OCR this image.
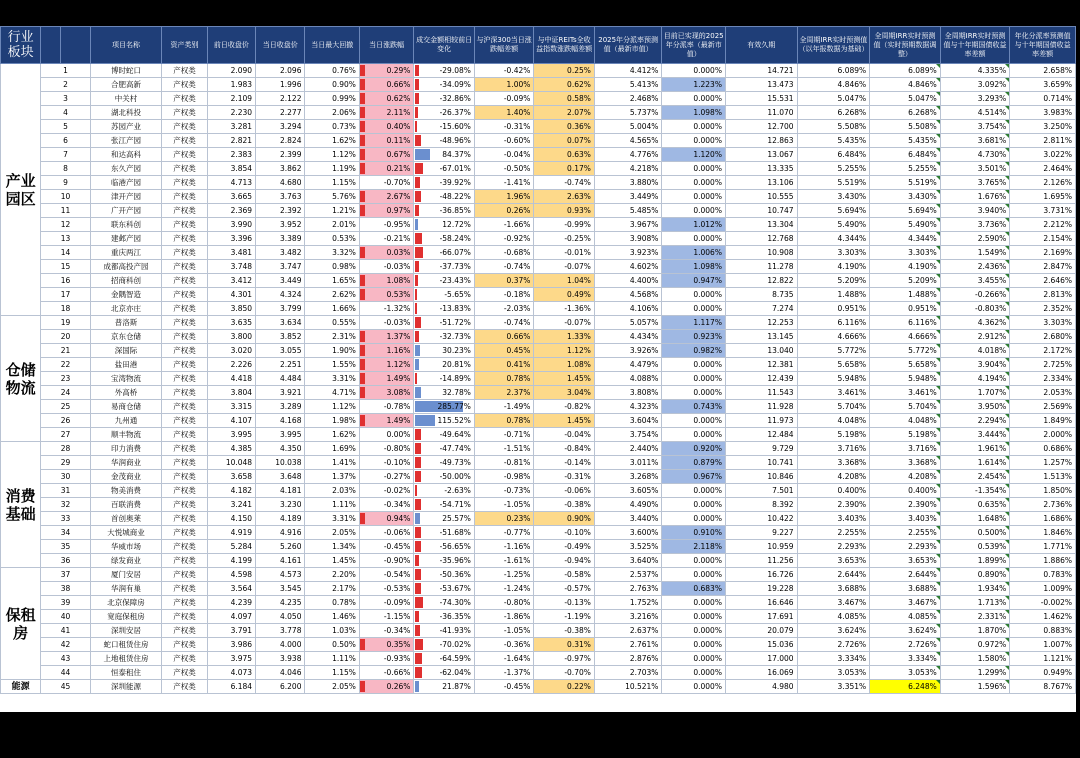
行业板块			项目名称	资产类别	前日收盘价	当日收盘价	当日最大回撤	当日涨跌幅	成交金额相较前日变化	与沪深300当日涨跌幅差额	与中证REITs全收益指数涨跌幅差额	2025年分派率预测值（最新市值）	目前已实现的2025年分派率（最新市值）	有效久期	全周期IRR实时预测值（以年报数据为基础）	全周期IRR实时预测值（实时预期数据调整）	全周期IRR实时预测值与十年期国债收益率差额	年化分派率预测值与十年期国债收益率差额
产业园区	1		博时蛇口	产权类	2.090	2.096	0.76%	0.29%	-29.08%	-0.42%	0.25%	4.412%	0.000%	14.721	6.089%	6.089%	4.335%	2.658%
	2		合肥高新	产权类	1.983	1.996	0.90%	0.66%	-34.09%	1.00%	0.62%	5.413%	1.223%	13.473	4.846%	4.846%	3.092%	3.659%
	3		中关村	产权类	2.109	2.122	0.99%	0.62%	-32.86%	-0.09%	0.58%	2.468%	0.000%	15.531	5.047%	5.047%	3.293%	0.714%
	4		湖北科投	产权类	2.230	2.277	2.06%	2.11%	-26.37%	1.40%	2.07%	5.737%	1.098%	11.070	6.268%	6.268%	4.514%	3.983%
	5		苏园产业	产权类	3.281	3.294	0.73%	0.40%	-15.60%	-0.31%	0.36%	5.004%	0.000%	12.700	5.508%	5.508%	3.754%	3.250%
	6		张江产园	产权类	2.821	2.824	1.62%	0.11%	-48.96%	-0.60%	0.07%	4.565%	0.000%	12.863	5.435%	5.435%	3.681%	2.811%
	7		和达高科	产权类	2.383	2.399	1.12%	0.67%	84.37%	-0.04%	0.63%	4.776%	1.120%	13.067	6.484%	6.484%	4.730%	3.022%
	8		东久产园	产权类	3.854	3.862	1.19%	0.21%	-67.01%	-0.50%	0.17%	4.218%	0.000%	13.335	5.255%	5.255%	3.501%	2.464%
	9		临港产园	产权类	4.713	4.680	1.15%	-0.70%	-39.92%	-1.41%	-0.74%	3.880%	0.000%	13.106	5.519%	5.519%	3.765%	2.126%
	10		津开产园	产权类	3.665	3.763	5.76%	2.67%	-48.22%	1.96%	2.63%	3.449%	0.000%	10.555	3.430%	3.430%	1.676%	1.695%
	11		广开产园	产权类	2.369	2.392	1.21%	0.97%	-36.85%	0.26%	0.93%	5.485%	0.000%	10.747	5.694%	5.694%	3.940%	3.731%
	12		联东科创	产权类	3.990	3.952	2.01%	-0.95%	12.72%	-1.66%	-0.99%	3.967%	1.012%	13.304	5.490%	5.490%	3.736%	2.212%
	13		建邺产园	产权类	3.396	3.389	0.53%	-0.21%	-58.24%	-0.92%	-0.25%	3.908%	0.000%	12.768	4.344%	4.344%	2.590%	2.154%
	14		重庆两江	产权类	3.481	3.482	3.32%	0.03%	-66.07%	-0.68%	-0.01%	3.923%	1.006%	10.908	3.303%	3.303%	1.549%	2.169%
	15		成都高投产园	产权类	3.748	3.747	0.98%	-0.03%	-37.73%	-0.74%	-0.07%	4.602%	1.098%	11.278	4.190%	4.190%	2.436%	2.847%
	16		招商科创	产权类	3.412	3.449	1.65%	1.08%	-23.43%	0.37%	1.04%	4.400%	0.947%	12.822	5.209%	5.209%	3.455%	2.646%
	17		金隅智造	产权类	4.301	4.324	2.62%	0.53%	-5.65%	-0.18%	0.49%	4.568%	0.000%	8.735	1.488%	1.488%	-0.266%	2.813%
	18		北京亦庄	产权类	3.850	3.799	1.66%	-1.32%	-13.83%	-2.03%	-1.36%	4.106%	0.000%	7.274	0.951%	0.951%	-0.803%	2.352%
仓储物流	19		普洛斯	产权类	3.635	3.634	0.55%	-0.03%	-51.72%	-0.74%	-0.07%	5.057%	1.117%	12.253	6.116%	6.116%	4.362%	3.303%
	20		京东仓储	产权类	3.800	3.852	2.31%	1.37%	-32.73%	0.66%	1.33%	4.434%	0.923%	13.145	4.666%	4.666%	2.912%	2.680%
	21		深国际	产权类	3.020	3.055	1.90%	1.16%	30.23%	0.45%	1.12%	3.926%	0.982%	13.040	5.772%	5.772%	4.018%	2.172%
	22		盐田港	产权类	2.226	2.251	1.55%	1.12%	20.81%	0.41%	1.08%	4.479%	0.000%	12.381	5.658%	5.658%	3.904%	2.725%
	23		宝湾物流	产权类	4.418	4.484	3.31%	1.49%	-14.89%	0.78%	1.45%	4.088%	0.000%	12.439	5.948%	5.948%	4.194%	2.334%
	24		外高桥	产权类	3.804	3.921	4.71%	3.08%	32.78%	2.37%	3.04%	3.808%	0.000%	11.543	3.461%	3.461%	1.707%	2.053%
	25		易商仓储	产权类	3.315	3.289	1.12%	-0.78%	285.77%	-1.49%	-0.82%	4.323%	0.743%	11.928	5.704%	5.704%	3.950%	2.569%
	26		九州通	产权类	4.107	4.168	1.98%	1.49%	115.52%	0.78%	1.45%	3.604%	0.000%	11.973	4.048%	4.048%	2.294%	1.849%
	27		顺丰物流	产权类	3.995	3.995	1.62%	0.00%	-49.64%	-0.71%	-0.04%	3.754%	0.000%	12.484	5.198%	5.198%	3.444%	2.000%
消费基础	28		印力消费	产权类	4.385	4.350	1.69%	-0.80%	-47.74%	-1.51%	-0.84%	2.440%	0.920%	9.729	3.716%	3.716%	1.961%	0.686%
	29		华润商业	产权类	10.048	10.038	1.41%	-0.10%	-49.73%	-0.81%	-0.14%	3.011%	0.879%	10.741	3.368%	3.368%	1.614%	1.257%
	30		金茂商业	产权类	3.658	3.648	1.37%	-0.27%	-50.00%	-0.98%	-0.31%	3.268%	0.967%	10.846	4.208%	4.208%	2.454%	1.513%
	31		物美消费	产权类	4.182	4.181	2.03%	-0.02%	-2.63%	-0.73%	-0.06%	3.605%	0.000%	7.501	0.400%	0.400%	-1.354%	1.850%
	32		百联消费	产权类	3.241	3.230	1.11%	-0.34%	-54.71%	-1.05%	-0.38%	4.490%	0.000%	8.392	2.390%	2.390%	0.635%	2.736%
	33		首创奥莱	产权类	4.150	4.189	3.31%	0.94%	25.57%	0.23%	0.90%	3.440%	0.000%	10.422	3.403%	3.403%	1.648%	1.686%
	34		大悦城商业	产权类	4.919	4.916	2.05%	-0.06%	-51.68%	-0.77%	-0.10%	3.600%	0.910%	9.227	2.255%	2.255%	0.500%	1.846%
	35		华威市场	产权类	5.284	5.260	1.34%	-0.45%	-56.65%	-1.16%	-0.49%	3.525%	2.118%	10.959	2.293%	2.293%	0.539%	1.771%
	36		绿发商业	产权类	4.199	4.161	1.45%	-0.90%	-35.96%	-1.61%	-0.94%	3.640%	0.000%	11.256	3.653%	3.653%	1.899%	1.886%
保租房	37		厦门安居	产权类	4.598	4.573	2.20%	-0.54%	-50.36%	-1.25%	-0.58%	2.537%	0.000%	16.726	2.644%	2.644%	0.890%	0.783%
	38		华润有巢	产权类	3.564	3.545	2.17%	-0.53%	-53.67%	-1.24%	-0.57%	2.763%	0.683%	19.228	3.688%	3.688%	1.934%	1.009%
	39		北京保障房	产权类	4.239	4.235	0.78%	-0.09%	-74.30%	-0.80%	-0.13%	1.752%	0.000%	16.646	3.467%	3.467%	1.713%	-0.002%
	40		宽庭保租房	产权类	4.097	4.050	1.46%	-1.15%	-36.35%	-1.86%	-1.19%	3.216%	0.000%	17.691	4.085%	4.085%	2.331%	1.462%
	41		深圳安居	产权类	3.791	3.778	1.03%	-0.34%	-41.93%	-1.05%	-0.38%	2.637%	0.000%	20.079	3.624%	3.624%	1.870%	0.883%
	42		蛇口租赁住房	产权类	3.986	4.000	0.50%	0.35%	-70.02%	-0.36%	0.31%	2.761%	0.000%	15.036	2.726%	2.726%	0.972%	1.007%
	43		上地租赁住房	产权类	3.975	3.938	1.11%	-0.93%	-64.59%	-1.64%	-0.97%	2.876%	0.000%	17.000	3.334%	3.334%	1.580%	1.121%
	44		恒泰租住	产权类	4.073	4.046	1.15%	-0.66%	-62.04%	-1.37%	-0.70%	2.703%	0.000%	16.069	3.053%	3.053%	1.299%	0.949%
能源	45		深圳能源	产权类	6.184	6.200	2.05%	0.26%	21.87%	-0.45%	0.22%	10.521%	0.000%	4.980	3.351%	6.248%	1.596%	8.767%
